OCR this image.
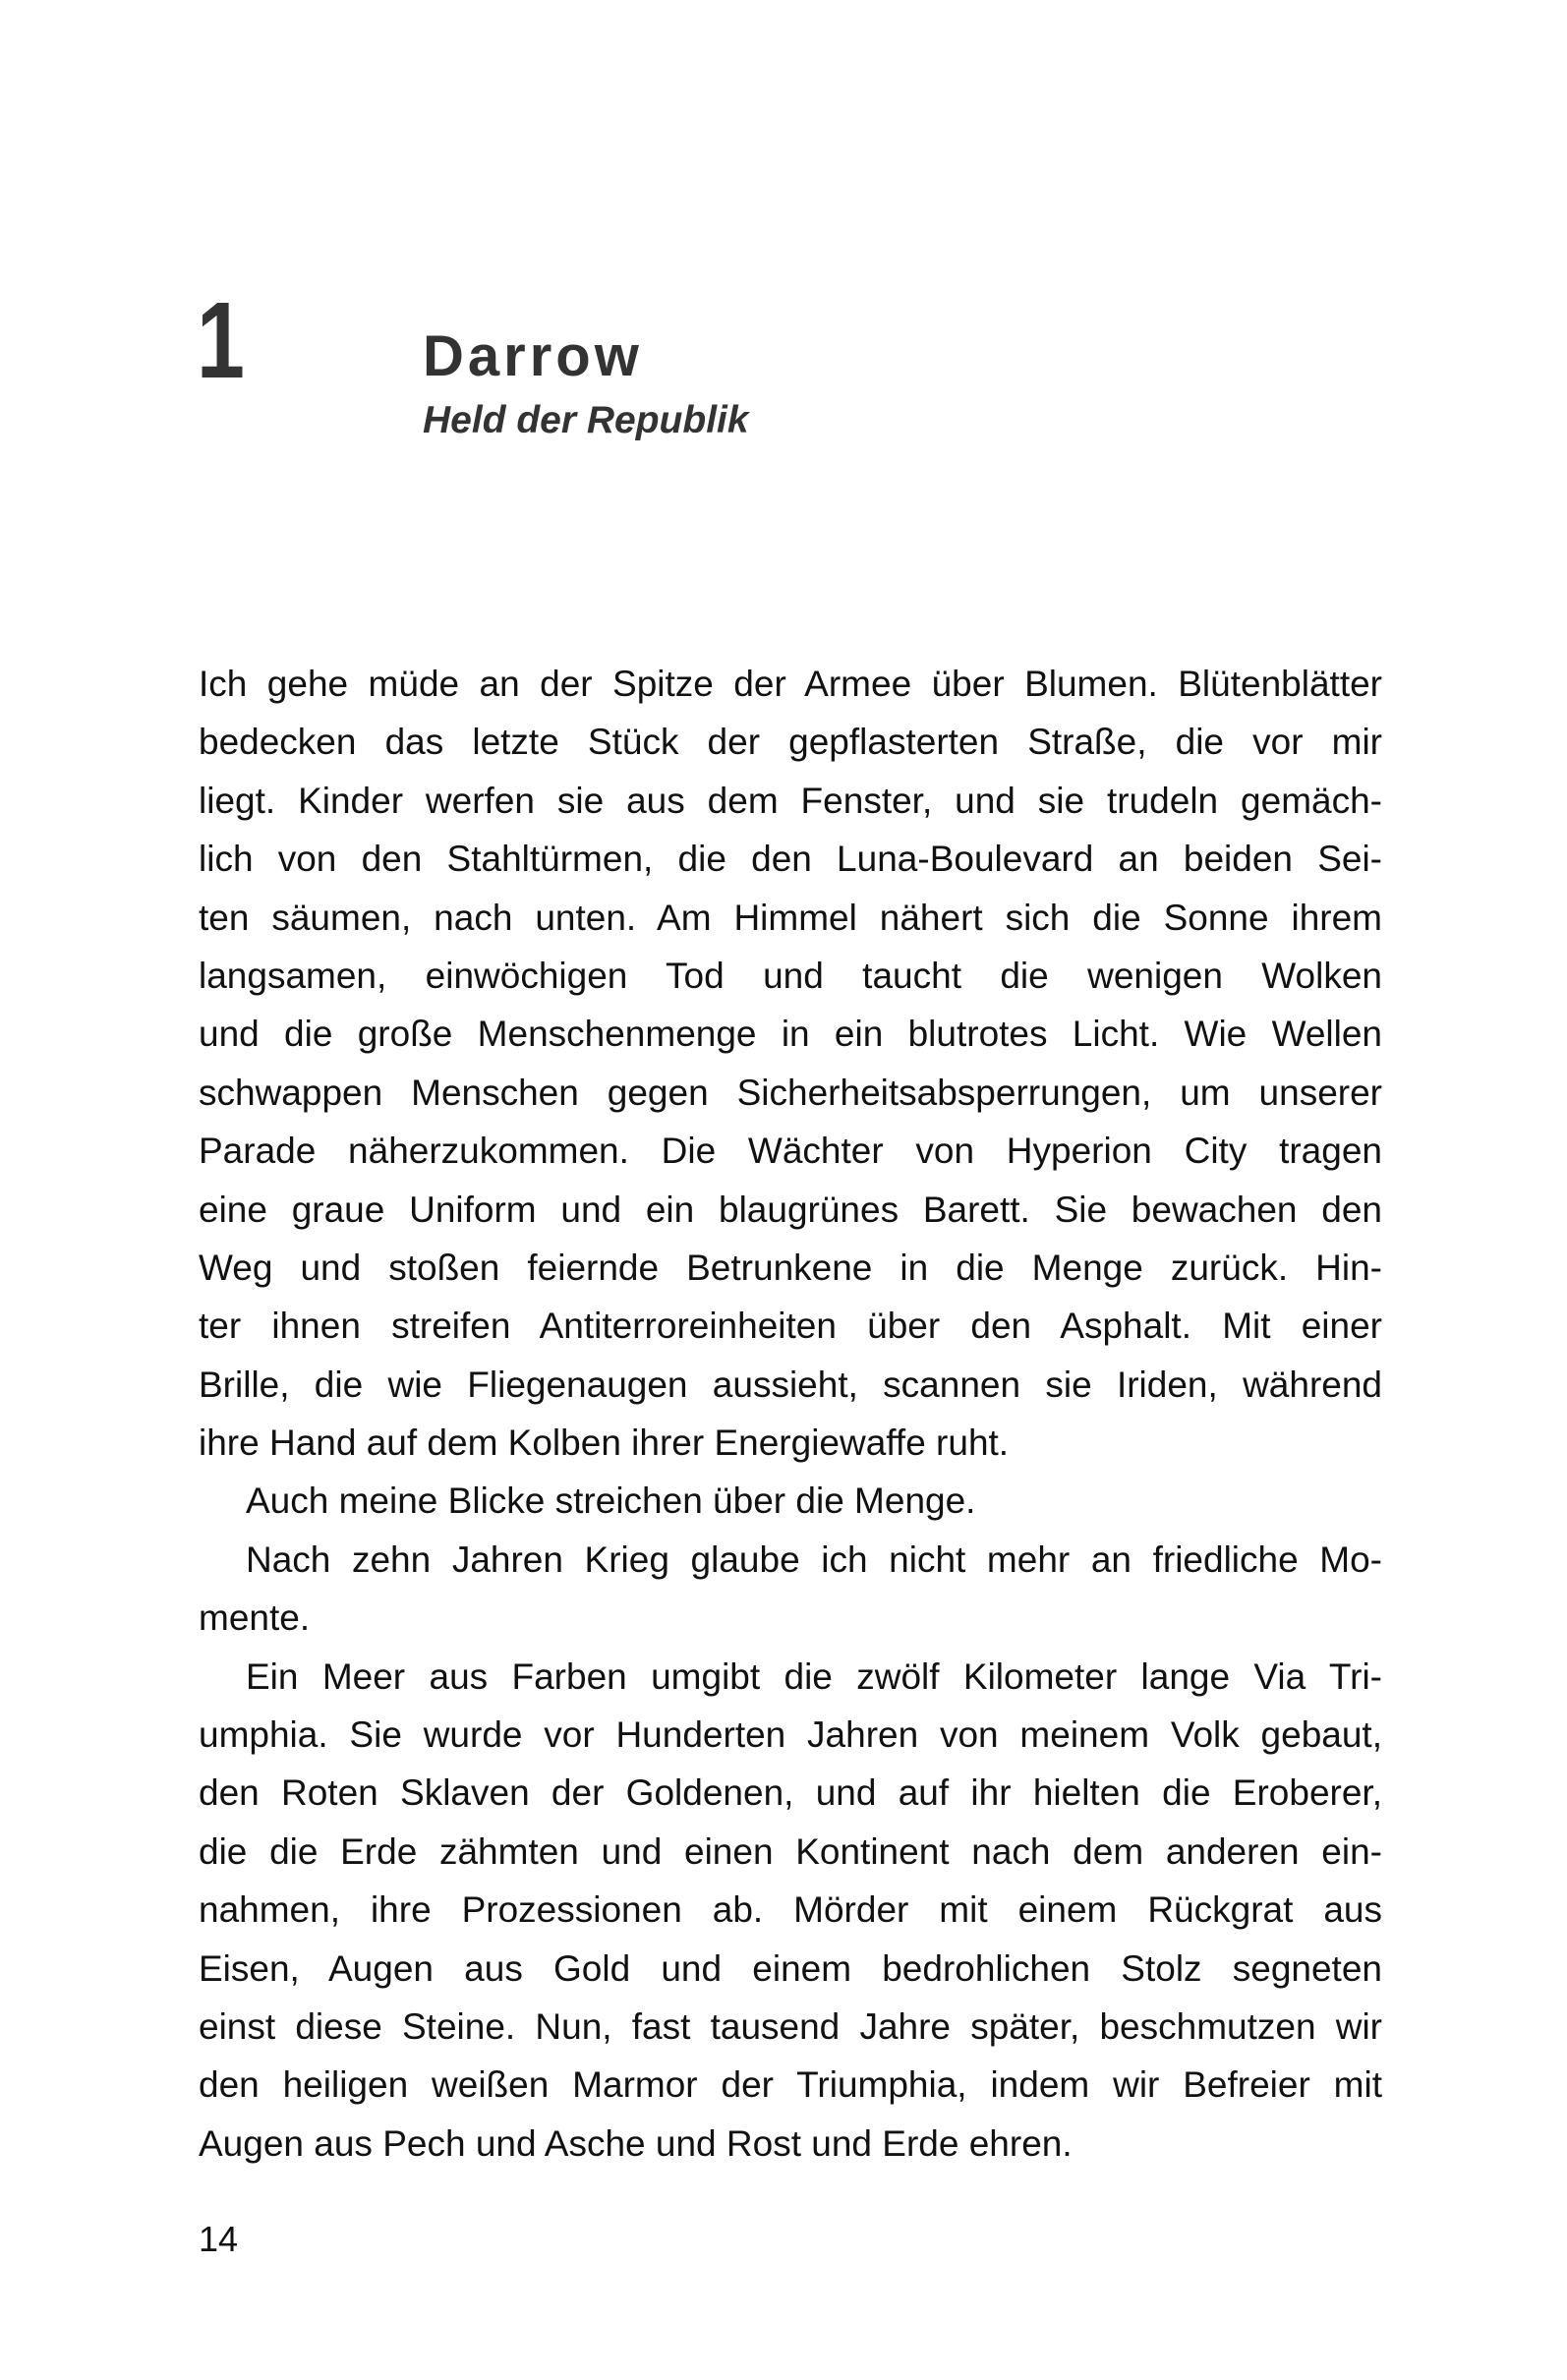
1	Darrow
Held der Republik
Ich gehe müde an der Spitze der Armee über Blumen. Blütenblätter
bedecken das letzte Stück der gepflasterten Straße, die vor mir
liegt. Kinder werfen sie aus dem Fenster, und sie trudeln gemäch-
lich von den Stahltürmen, die den Luna-Boulevard an beiden Sei-
ten säumen, nach unten. Am Himmel nähert sich die Sonne ihrem
langsamen, einwöchigen Tod und taucht die wenigen Wolken
und die große Menschenmenge in ein blutrotes Licht. Wie Wellen
schwappen Menschen gegen Sicherheitsabsperrungen, um unserer
Parade näherzukommen. Die Wächter von Hyperion City tragen
eine graue Uniform und ein blaugrünes Barett. Sie bewachen den
Weg und stoßen feiernde Betrunkene in die Menge zurück. Hin-
ter ihnen streifen Antiterroreinheiten über den Asphalt. Mit einer
Brille, die wie Fliegenaugen aussieht, scannen sie Iriden, während
ihre Hand auf dem Kolben ihrer Energiewaffe ruht.
Auch meine Blicke streichen über die Menge.
Nach zehn Jahren Krieg glaube ich nicht mehr an friedliche Mo-
mente.
Ein Meer aus Farben umgibt die zwölf Kilometer lange Via Tri-
umphia. Sie wurde vor Hunderten Jahren von meinem Volk gebaut,
den Roten Sklaven der Goldenen, und auf ihr hielten die Eroberer,
die die Erde zähmten und einen Kontinent nach dem anderen ein-
nahmen, ihre Prozessionen ab. Mörder mit einem Rückgrat aus
Eisen, Augen aus Gold und einem bedrohlichen Stolz segneten
einst diese Steine. Nun, fast tausend Jahre später, beschmutzen wir
den heiligen weißen Marmor der Triumphia, indem wir Befreier mit
Augen aus Pech und Asche und Rost und Erde ehren.
14
